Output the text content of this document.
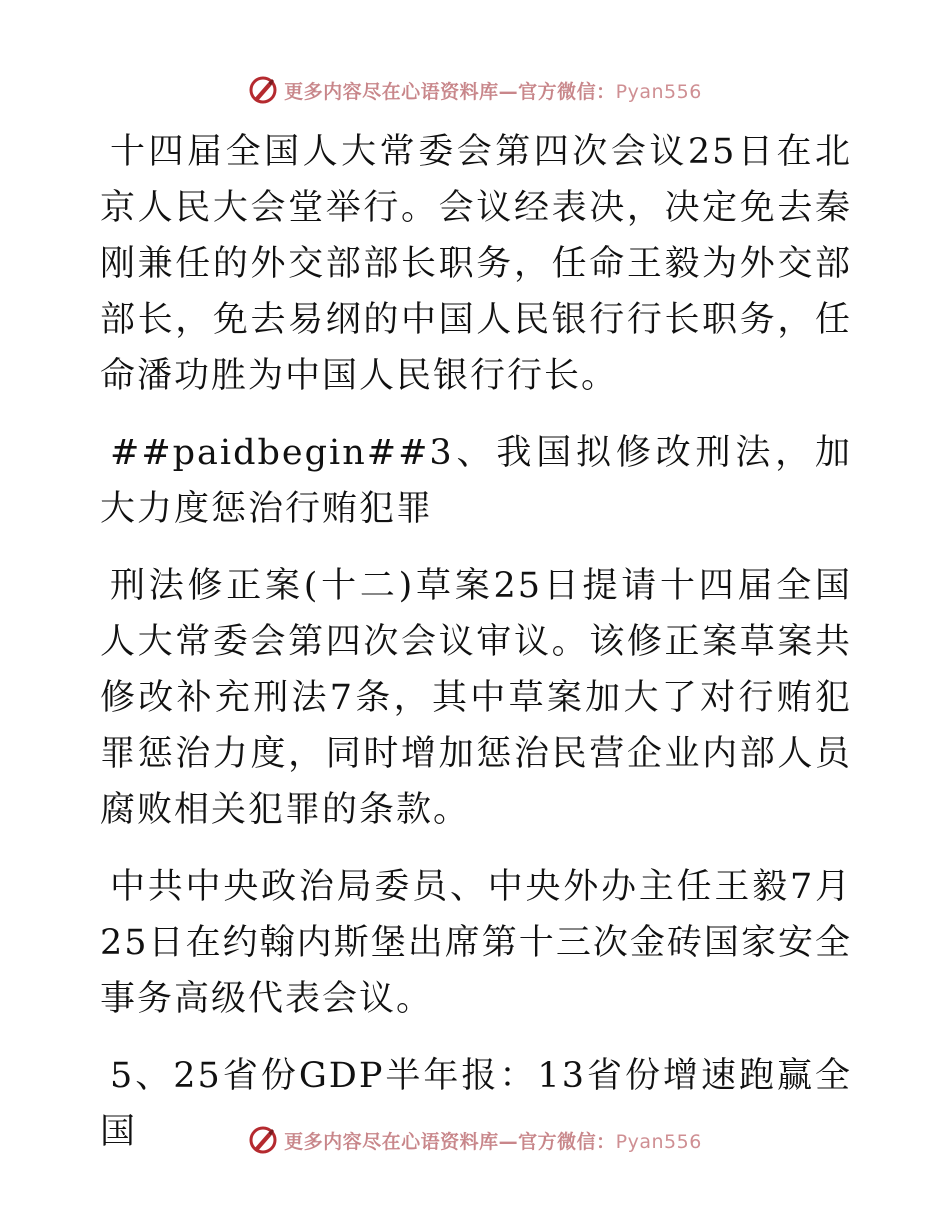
更多内容尽在心语资料库—官方微信：Pyan556

十四届全国人大常委会第四次会议25日在北京人民大会堂举行。会议经表决，决定免去秦刚兼任的外交部部长职务，任命王毅为外交部部长，免去易纲的中国人民银行行长职务，任命潘功胜为中国人民银行行长。

##paidbegin##3、我国拟修改刑法，加大力度惩治行贿犯罪

刑法修正案(十二)草案25日提请十四届全国人大常委会第四次会议审议。该修正案草案共修改补充刑法7条，其中草案加大了对行贿犯罪惩治力度，同时增加惩治民营企业内部人员腐败相关犯罪的条款。

中共中央政治局委员、中央外办主任王毅7月25日在约翰内斯堡出席第十三次金砖国家安全事务高级代表会议。

5、25省份GDP半年报：13省份增速跑赢全国	更多内容尽在心语资料库—官方微信：Pyan556
